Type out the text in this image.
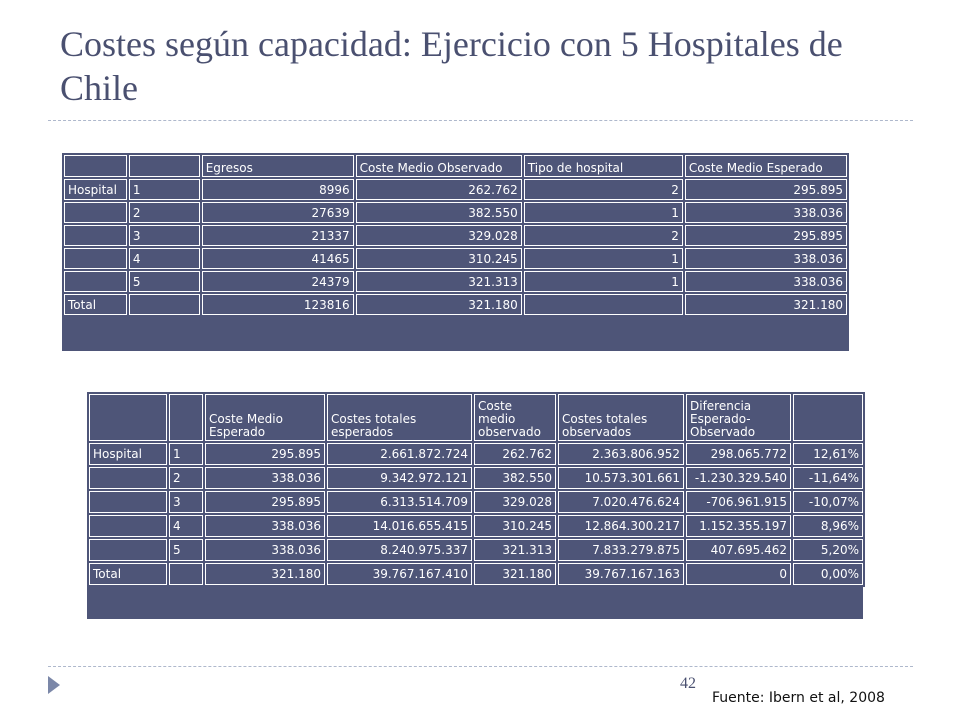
Costes según capacidad: Ejercicio con 5 Hospitales de Chile
		Egresos	Coste Medio Observado	Tipo de hospital	Coste Medio Esperado
Hospital	1	8996	262.762	2	295.895
	2	27639	382.550	1	338.036
	3	21337	329.028	2	295.895
	4	41465	310.245	1	338.036
	5	24379	321.313	1	338.036
Total		123816	321.180		321.180
		Coste Medio Esperado	Costes totales esperados	Coste medio observado	Costes totales observados	Diferencia Esperado-Observado	
Hospital	1	295.895	2.661.872.724	262.762	2.363.806.952	298.065.772	12,61%
	2	338.036	9.342.972.121	382.550	10.573.301.661	-1.230.329.540	-11,64%
	3	295.895	6.313.514.709	329.028	7.020.476.624	-706.961.915	-10,07%
	4	338.036	14.016.655.415	310.245	12.864.300.217	1.152.355.197	8,96%
	5	338.036	8.240.975.337	321.313	7.833.279.875	407.695.462	5,20%
Total		321.180	39.767.167.410	321.180	39.767.167.163	0	0,00%
42
Fuente: Ibern et al, 2008
